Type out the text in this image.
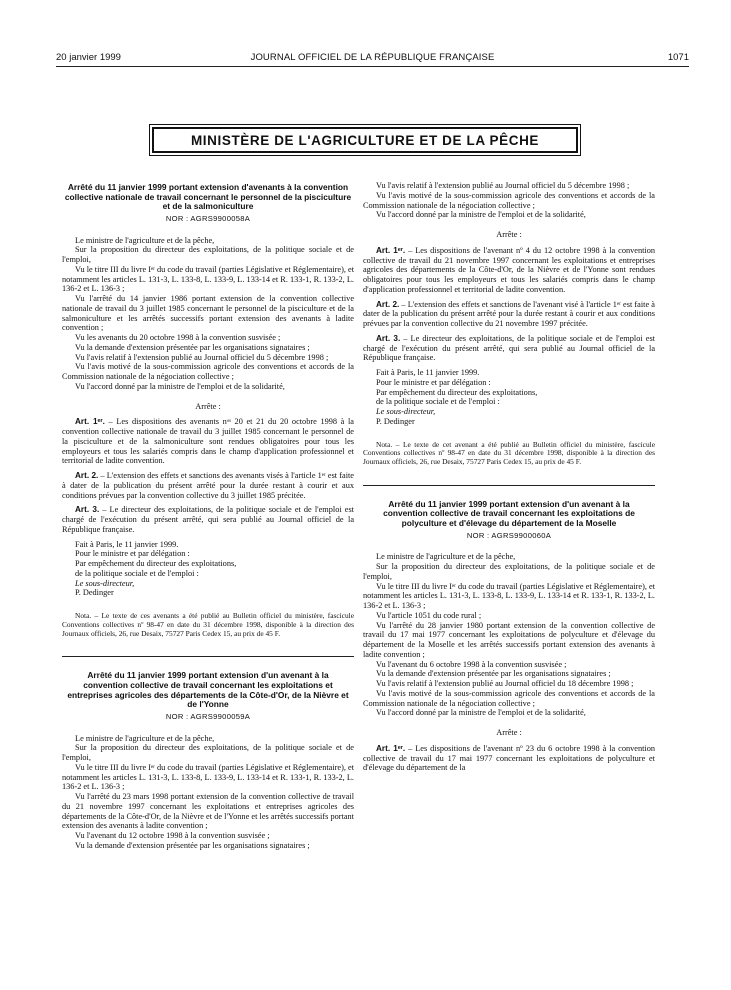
20 janvier 1999	JOURNAL OFFICIEL DE LA RÉPUBLIQUE FRANÇAISE	1071
MINISTÈRE DE L'AGRICULTURE ET DE LA PÊCHE
Arrêté du 11 janvier 1999 portant extension d'avenants à la convention collective nationale de travail concernant le personnel de la pisciculture et de la salmoniculture
NOR : AGRS9900058A

Le ministre de l'agriculture et de la pêche,

Sur la proposition du directeur des exploitations, de la politique sociale et de l'emploi,

Vu le titre III du livre Iᵉʳ du code du travail (parties Législative et Réglementaire), et notamment les articles L. 131-3, L. 133-8, L. 133-9, L. 133-14 et R. 133-1, R. 133-2, L. 136-2 et L. 136-3 ;

Vu l'arrêté du 14 janvier 1986 portant extension de la convention collective nationale de travail du 3 juillet 1985 concernant le personnel de la pisciculture et de la salmoniculture et les arrêtés successifs portant extension des avenants à ladite convention ;

Vu les avenants du 20 octobre 1998 à la convention susvisée ;

Vu la demande d'extension présentée par les organisations signataires ;

Vu l'avis relatif à l'extension publié au Journal officiel du 5 décembre 1998 ;

Vu l'avis motivé de la sous-commission agricole des conventions et accords de la Commission nationale de la négociation collective ;

Vu l'accord donné par la ministre de l'emploi et de la solidarité,

Arrête :

Art. 1ᵉʳ. – Les dispositions des avenants nᵒˢ 20 et 21 du 20 octobre 1998 à la convention collective nationale de travail du 3 juillet 1985 concernant le personnel de la pisciculture et de la salmoniculture sont rendues obligatoires pour tous les employeurs et tous les salariés compris dans le champ d'application professionnel et territorial de ladite convention.

Art. 2. – L'extension des effets et sanctions des avenants visés à l'article 1ᵉʳ est faite à dater de la publication du présent arrêté pour la durée restant à courir et aux conditions prévues par la convention collective du 3 juillet 1985 précitée.

Art. 3. – Le directeur des exploitations, de la politique sociale et de l'emploi est chargé de l'exécution du présent arrêté, qui sera publié au Journal officiel de la République française.

Fait à Paris, le 11 janvier 1999.

Pour le ministre et par délégation :

Par empêchement du directeur des exploitations,

de la politique sociale et de l'emploi :

Le sous-directeur,

P. Dedinger

Nota. – Le texte de ces avenants a été publié au Bulletin officiel du ministère, fascicule Conventions collectives nº 98-47 en date du 31 décembre 1998, disponible à la direction des Journaux officiels, 26, rue Desaix, 75727 Paris Cedex 15, au prix de 45 F.

Arrêté du 11 janvier 1999 portant extension d'un avenant à la convention collective de travail concernant les exploitations et entreprises agricoles des départements de la Côte-d'Or, de la Nièvre et de l'Yonne
NOR : AGRS9900059A

Le ministre de l'agriculture et de la pêche,

Sur la proposition du directeur des exploitations, de la politique sociale et de l'emploi,

Vu le titre III du livre Iᵉʳ du code du travail (parties Législative et Réglementaire), et notamment les articles L. 131-3, L. 133-8, L. 133-9, L. 133-14 et R. 133-1, R. 133-2, L. 136-2 et L. 136-3 ;

Vu l'arrêté du 23 mars 1998 portant extension de la convention collective de travail du 21 novembre 1997 concernant les exploitations et entreprises agricoles des départements de la Côte-d'Or, de la Nièvre et de l'Yonne et les arrêtés successifs portant extension des avenants à ladite convention ;

Vu l'avenant du 12 octobre 1998 à la convention susvisée ;

Vu la demande d'extension présentée par les organisations signataires ;

Vu l'avis relatif à l'extension publié au Journal officiel du 5 décembre 1998 ;

Vu l'avis motivé de la sous-commission agricole des conventions et accords de la Commission nationale de la négociation collective ;

Vu l'accord donné par la ministre de l'emploi et de la solidarité,

Arrête :

Art. 1ᵉʳ. – Les dispositions de l'avenant nº 4 du 12 octobre 1998 à la convention collective de travail du 21 novembre 1997 concernant les exploitations et entreprises agricoles des départements de la Côte-d'Or, de la Nièvre et de l'Yonne sont rendues obligatoires pour tous les employeurs et tous les salariés compris dans le champ d'application professionnel et territorial de ladite convention.

Art. 2. – L'extension des effets et sanctions de l'avenant visé à l'article 1ᵉʳ est faite à dater de la publication du présent arrêté pour la durée restant à courir et aux conditions prévues par la convention collective du 21 novembre 1997 précitée.

Art. 3. – Le directeur des exploitations, de la politique sociale et de l'emploi est chargé de l'exécution du présent arrêté, qui sera publié au Journal officiel de la République française.

Fait à Paris, le 11 janvier 1999.

Pour le ministre et par délégation :

Par empêchement du directeur des exploitations,

de la politique sociale et de l'emploi :

Le sous-directeur,

P. Dedinger

Nota. – Le texte de cet avenant a été publié au Bulletin officiel du ministère, fascicule Conventions collectives nº 98-47 en date du 31 décembre 1998, disponible à la direction des Journaux officiels, 26, rue Desaix, 75727 Paris Cedex 15, au prix de 45 F.

Arrêté du 11 janvier 1999 portant extension d'un avenant à la convention collective de travail concernant les exploitations de polyculture et d'élevage du département de la Moselle
NOR : AGRS9900060A

Le ministre de l'agriculture et de la pêche,

Sur la proposition du directeur des exploitations, de la politique sociale et de l'emploi,

Vu le titre III du livre Iᵉʳ du code du travail (parties Législative et Réglementaire), et notamment les articles L. 131-3, L. 133-8, L. 133-9, L. 133-14 et R. 133-1, R. 133-2, L. 136-2 et L. 136-3 ;

Vu l'article 1051 du code rural ;

Vu l'arrêté du 28 janvier 1980 portant extension de la convention collective de travail du 17 mai 1977 concernant les exploitations de polyculture et d'élevage du département de la Moselle et les arrêtés successifs portant extension des avenants à ladite convention ;

Vu l'avenant du 6 octobre 1998 à la convention susvisée ;

Vu la demande d'extension présentée par les organisations signataires ;

Vu l'avis relatif à l'extension publié au Journal officiel du 18 décembre 1998 ;

Vu l'avis motivé de la sous-commission agricole des conventions et accords de la Commission nationale de la négociation collective ;

Vu l'accord donné par la ministre de l'emploi et de la solidarité,

Arrête :

Art. 1ᵉʳ. – Les dispositions de l'avenant nº 23 du 6 octobre 1998 à la convention collective de travail du 17 mai 1977 concernant les exploitations de polyculture et d'élevage du département de la
